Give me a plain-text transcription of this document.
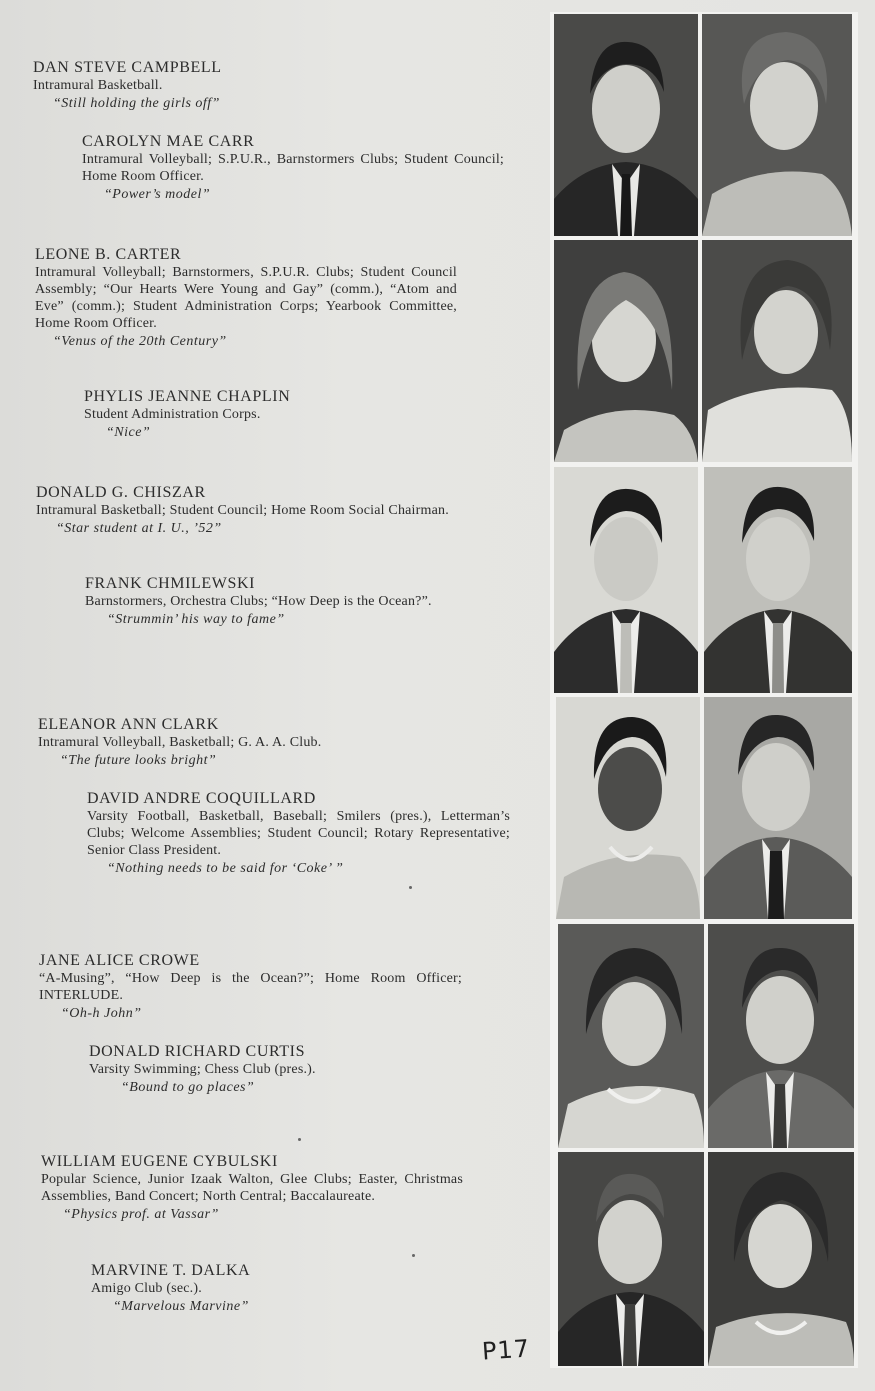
DAN STEVE CAMPBELL
Intramural Basketball.
“Still holding the girls off”
CAROLYN MAE CARR
Intramural Volleyball; S.P.U.R., Barnstormers Clubs; Student Council; Home Room Officer.
“Power’s model”
LEONE B. CARTER
Intramural Volleyball; Barnstormers, S.P.U.R. Clubs; Student Council Assembly; “Our Hearts Were Young and Gay” (comm.), “Atom and Eve” (comm.); Student Administration Corps; Yearbook Committee, Home Room Officer.
“Venus of the 20th Century”
PHYLIS JEANNE CHAPLIN
Student Administration Corps.
“Nice”
DONALD G. CHISZAR
Intramural Basketball; Student Council; Home Room Social Chairman.
“Star student at I. U., ’52”
FRANK CHMILEWSKI
Barnstormers, Orchestra Clubs; “How Deep is the Ocean?”.
“Strummin’ his way to fame”
ELEANOR ANN CLARK
Intramural Volleyball, Basketball; G. A. A. Club.
“The future looks bright”
DAVID ANDRE COQUILLARD
Varsity Football, Basketball, Baseball; Smilers (pres.), Letterman’s Clubs; Welcome Assemblies; Student Council; Rotary Representative; Senior Class President.
“Nothing needs to be said for ‘Coke’ ”
JANE ALICE CROWE
“A-Musing”, “How Deep is the Ocean?”; Home Room Officer; INTERLUDE.
“Oh-h John”
DONALD RICHARD CURTIS
Varsity Swimming; Chess Club (pres.).
“Bound to go places”
WILLIAM EUGENE CYBULSKI
Popular Science, Junior Izaak Walton, Glee Clubs; Easter, Christmas Assemblies, Band Concert; North Central; Baccalaureate.
“Physics prof. at Vassar”
MARVINE T. DALKA
Amigo Club (sec.).
“Marvelous Marvine”
P17
